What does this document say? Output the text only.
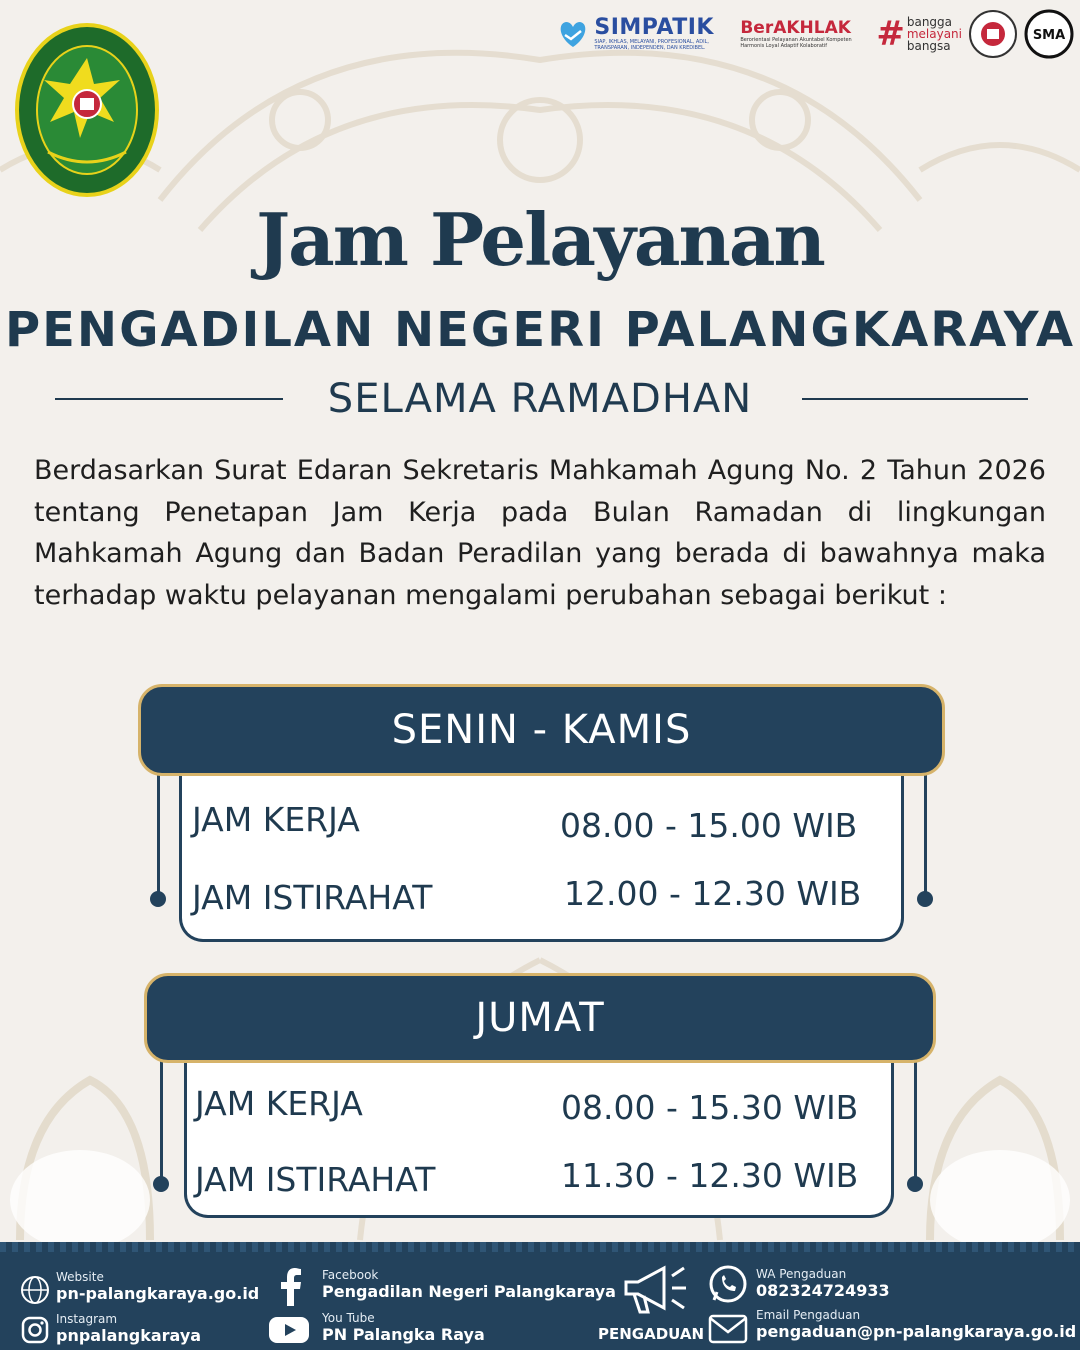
SIMPATIK
SIAP, IKHLAS, MELAYANI, PROFESIONAL, ADIL, TRANSPARAN, INDEPENDEN, DAN KREDIBEL.
BerAKHLAK
Berorientasi Pelayanan Akuntabel Kompeten Harmonis Loyal Adaptif Kolaboratif	# bangga
melayani
bangsa
SMA
Jam Pelayanan
PENGADILAN NEGERI PALANGKARAYA
SELAMA RAMADHAN

Berdasarkan Surat Edaran Sekretaris Mahkamah Agung No. 2 Tahun 2026 tentang Penetapan Jam Kerja pada Bulan Ramadan di lingkungan Mahkamah Agung dan Badan Peradilan yang berada di bawahnya maka terhadap waktu pelayanan mengalami perubahan sebagai berikut :

JAM KERJA	08.00 - 15.00 WIB
JAM ISTIRAHAT	12.00 - 12.30 WIB
SENIN - KAMIS
JAM KERJA	08.00 - 15.30 WIB
JAM ISTIRAHAT	11.30 - 12.30 WIB
JUMAT
Website
pn-palangkaraya.go.id
Instagram
pnpalangkaraya
Facebook
Pengadilan Negeri Palangkaraya
You Tube
PN Palangka Raya	PENGADUAN
WA Pengaduan
082324724933
Email Pengaduan
pengaduan@pn-palangkaraya.go.id
